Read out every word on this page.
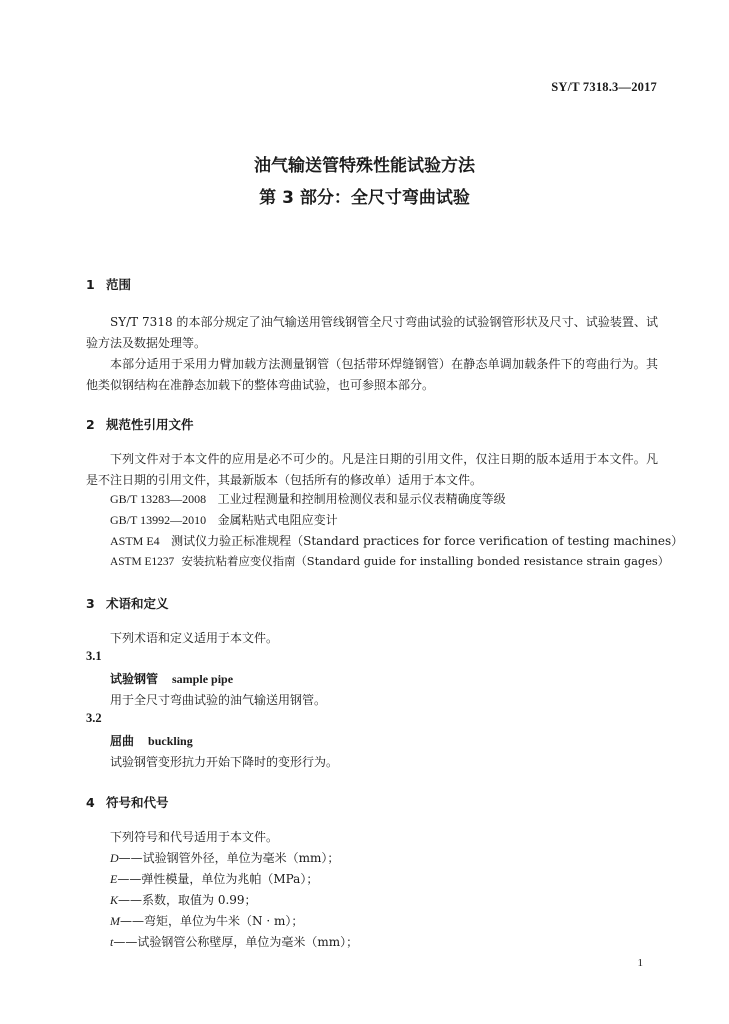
SY/T 7318.3—2017
油气输送管特殊性能试验方法
第 3 部分：全尺寸弯曲试验
1 范围

SY/T 7318 的本部分规定了油气输送用管线钢管全尺寸弯曲试验的试验钢管形状及尺寸、试验装置、试验方法及数据处理等。

本部分适用于采用力臂加载方法测量钢管（包括带环焊缝钢管）在静态单调加载条件下的弯曲行为。其他类似钢结构在准静态加载下的整体弯曲试验，也可参照本部分。

2 规范性引用文件

下列文件对于本文件的应用是必不可少的。凡是注日期的引用文件，仅注日期的版本适用于本文件。凡是不注日期的引用文件，其最新版本（包括所有的修改单）适用于本文件。

GB/T 13283—2008 工业过程测量和控制用检测仪表和显示仪表精确度等级
GB/T 13992—2010 金属粘贴式电阻应变计
ASTM E4 测试仪力验正标准规程（Standard practices for force verification of testing machines）
ASTM E1237 安装抗粘着应变仪指南（Standard guide for installing bonded resistance strain gages）
3 术语和定义
下列术语和定义适用于本文件。
3.1
试验钢管 sample pipe
用于全尺寸弯曲试验的油气输送用钢管。
3.2
屈曲 buckling
试验钢管变形抗力开始下降时的变形行为。
4 符号和代号
下列符号和代号适用于本文件。
D——试验钢管外径，单位为毫米（mm）；
E——弹性模量，单位为兆帕（MPa）；
K——系数，取值为 0.99；
M——弯矩，单位为牛米（N · m）；
t——试验钢管公称壁厚，单位为毫米（mm）；
1
